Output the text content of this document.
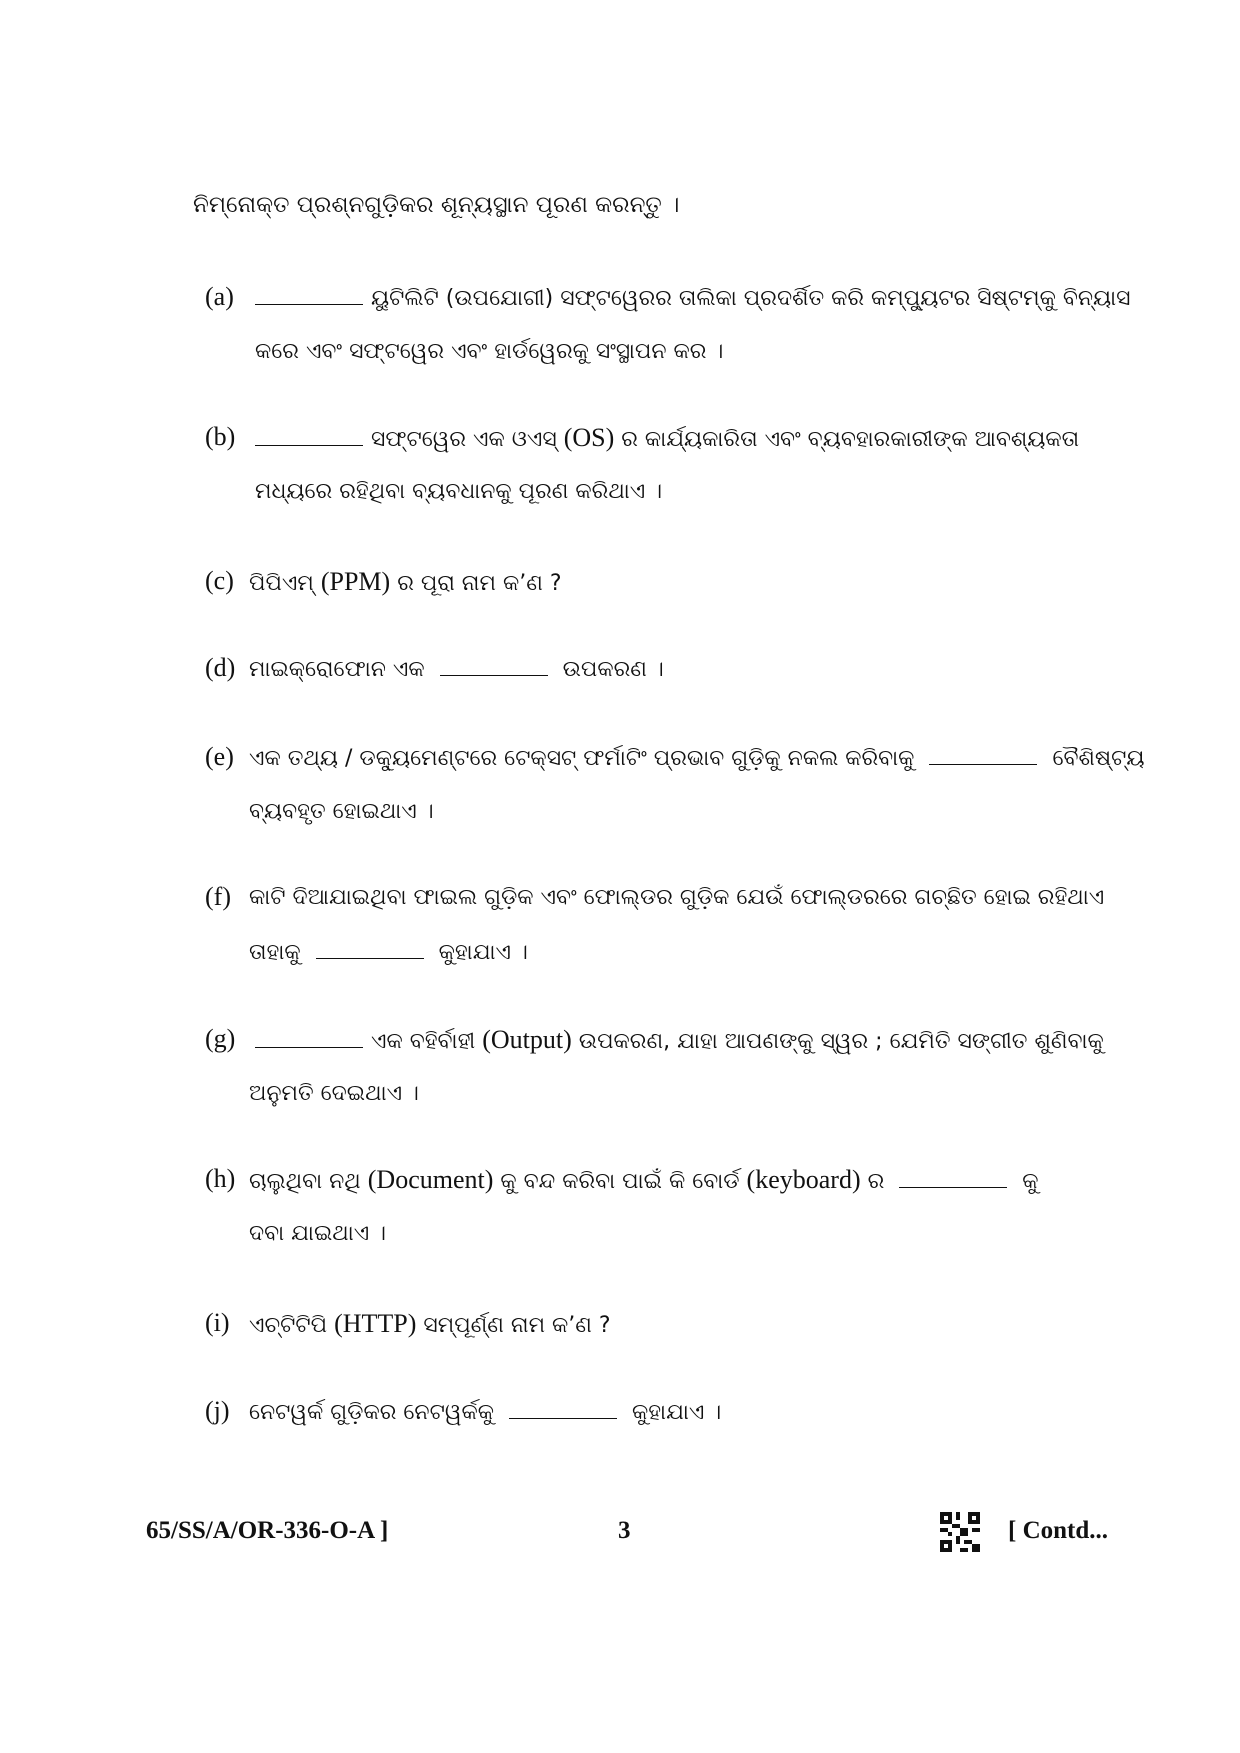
ନିମ୍ନୋକ୍ତ ପ୍ରଶ୍ନଗୁଡ଼ିକର ଶୂନ୍ୟସ୍ଥାନ ପୂରଣ କରନ୍ତୁ ।
(a)	ୟୁଟିଲିଟି (ଉପଯୋଗୀ) ସଫ୍ଟୱେରର ତାଲିକା ପ୍ରଦର୍ଶିତ କରି କମ୍ପ୍ୟୁଟର ସିଷ୍ଟମ୍‌କୁ ବିନ୍ୟାସ
କରେ ଏବଂ ସଫ୍ଟୱେର ଏବଂ ହାର୍ଡୱେରକୁ ସଂସ୍ଥାପନ କର ।
(b)	ସଫ୍ଟୱେର ଏକ ଓଏସ୍ (OS) ର କାର୍ଯ୍ୟକାରିତା ଏବଂ ବ୍ୟବହାରକାରୀଙ୍କ ଆବଶ୍ୟକତା
ମଧ୍ୟରେ ରହିଥିବା ବ୍ୟବଧାନକୁ ପୂରଣ କରିଥାଏ ।
(c) ପିପିଏମ୍ (PPM) ର ପୂରା ନାମ କ’ଣ ?
(d) ମାଇକ୍ରୋଫୋନ ଏକ	ଉପକରଣ ।
(e) ଏକ ତଥ୍ୟ / ଡକ୍ୟୁମେଣ୍ଟରେ ଟେକ୍ସଟ୍ ଫର୍ମାଟିଂ ପ୍ରଭାବ ଗୁଡ଼ିକୁ ନକଲ କରିବାକୁ	ବୈଶିଷ୍ଟ୍ୟ
ବ୍ୟବହୃତ ହୋଇଥାଏ ।
(f) କାଟି ଦିଆଯାଇଥିବା ଫାଇଲ ଗୁଡ଼ିକ ଏବଂ ଫୋଲ୍ଡର ଗୁଡ଼ିକ ଯେଉଁ ଫୋଲ୍ଡରରେ ଗଚ୍ଛିତ ହୋଇ ରହିଥାଏ
ତାହାକୁ	କୁହାଯାଏ ।
(g)	ଏକ ବହିର୍ବାହୀ (Output) ଉପକରଣ, ଯାହା ଆପଣଙ୍କୁ ସ୍ୱର ; ଯେମିତି ସଙ୍ଗୀତ ଶୁଣିବାକୁ
ଅନୁମତି ଦେଇଥାଏ ।
(h) ଚାଲୁଥିବା ନଥି (Document) କୁ ବନ୍ଦ କରିବା ପାଇଁ କି ବୋର୍ଡ (keyboard) ର	କୁ
ଦବା ଯାଇଥାଏ ।
(i) ଏଚ୍‌ଟିଟିପି (HTTP) ସମ୍ପୂର୍ଣ୍ଣ ନାମ କ’ଣ ?
(j) ନେଟୱର୍କ ଗୁଡ଼ିକର ନେଟୱର୍କକୁ	କୁହାଯାଏ ।
65/SS/A/OR-336-O-A ]	3	[ Contd...
